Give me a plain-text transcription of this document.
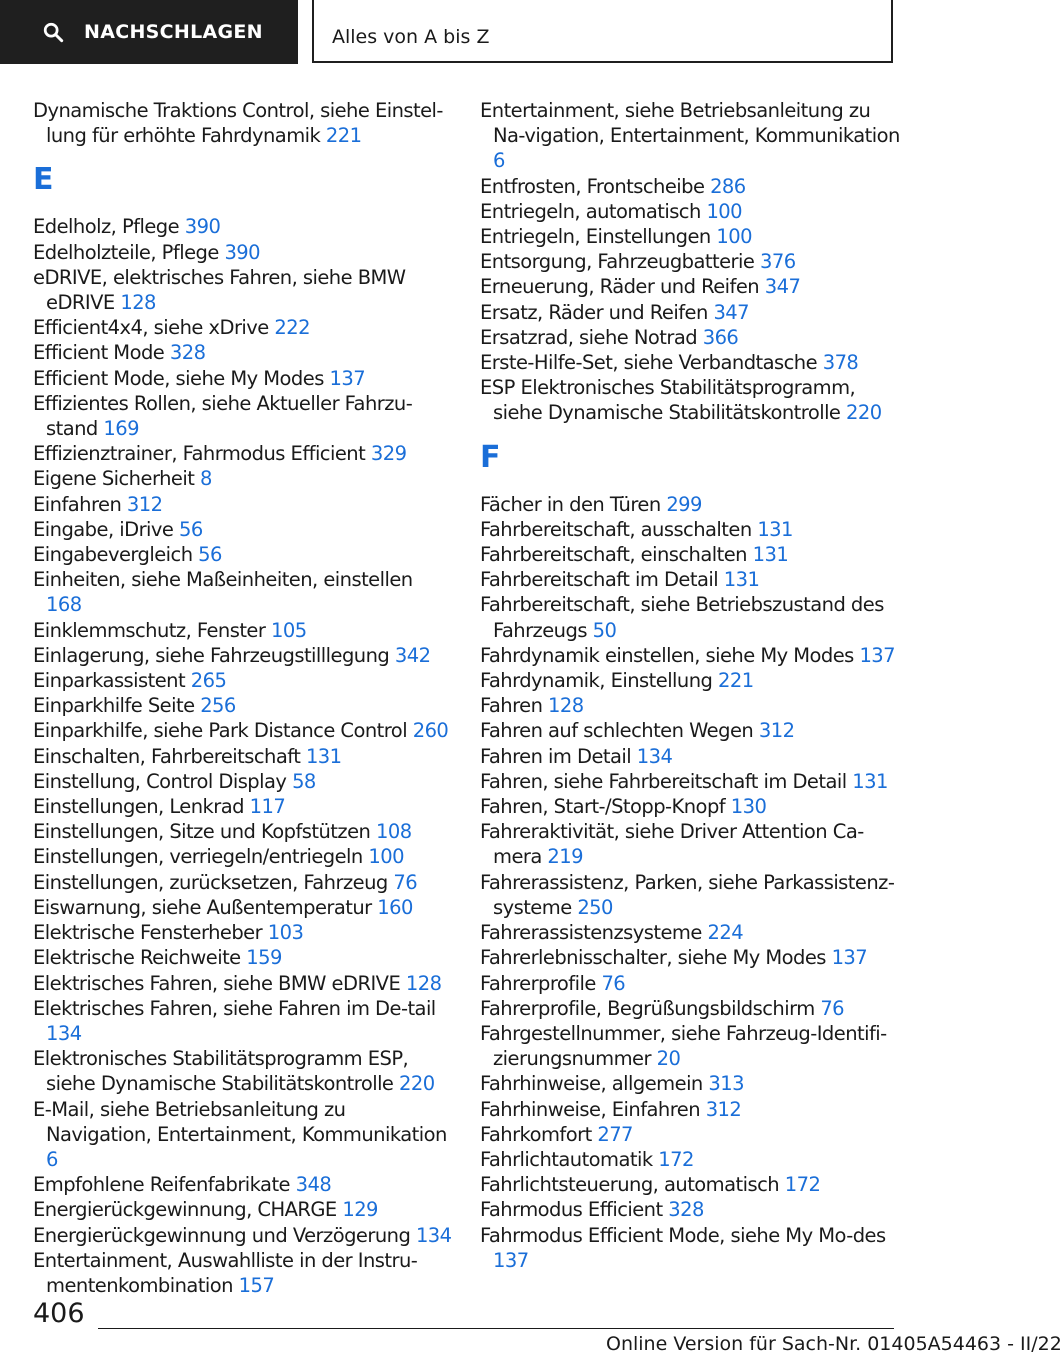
NACHSCHLAGEN	Alles von A bis Z
Dynamische Traktions Control, siehe Einstel-lung für erhöhte Fahrdynamik 221
E
Edelholz, Pflege 390
Edelholzteile, Pflege 390
eDRIVE, elektrisches Fahren, siehe BMW eDRIVE 128
Efficient4x4, siehe xDrive 222
Efficient Mode 328
Efficient Mode, siehe My Modes 137
Effizientes Rollen, siehe Aktueller Fahrzu-stand 169
Effizienztrainer, Fahrmodus Efficient 329
Eigene Sicherheit 8
Einfahren 312
Eingabe, iDrive 56
Eingabevergleich 56
Einheiten, siehe Maßeinheiten, einstellen 168
Einklemmschutz, Fenster 105
Einlagerung, siehe Fahrzeugstilllegung 342
Einparkassistent 265
Einparkhilfe Seite 256
Einparkhilfe, siehe Park Distance Control 260
Einschalten, Fahrbereitschaft 131
Einstellung, Control Display 58
Einstellungen, Lenkrad 117
Einstellungen, Sitze und Kopfstützen 108
Einstellungen, verriegeln/entriegeln 100
Einstellungen, zurücksetzen, Fahrzeug 76
Eiswarnung, siehe Außentemperatur 160
Elektrische Fensterheber 103
Elektrische Reichweite 159
Elektrisches Fahren, siehe BMW eDRIVE 128
Elektrisches Fahren, siehe Fahren im De-tail 134
Elektronisches Stabilitätsprogramm ESP, siehe Dynamische Stabilitätskontrolle 220
E-Mail, siehe Betriebsanleitung zu Navigation, Entertainment, Kommunikation 6
Empfohlene Reifenfabrikate 348
Energierückgewinnung, CHARGE 129
Energierückgewinnung und Verzögerung 134
Entertainment, Auswahlliste in der Instru-mentenkombination 157
Entertainment, siehe Betriebsanleitung zu Na-vigation, Entertainment, Kommunikation 6
Entfrosten, Frontscheibe 286
Entriegeln, automatisch 100
Entriegeln, Einstellungen 100
Entsorgung, Fahrzeugbatterie 376
Erneuerung, Räder und Reifen 347
Ersatz, Räder und Reifen 347
Ersatzrad, siehe Notrad 366
Erste-Hilfe-Set, siehe Verbandtasche 378
ESP Elektronisches Stabilitätsprogramm, siehe Dynamische Stabilitätskontrolle 220
F
Fächer in den Türen 299
Fahrbereitschaft, ausschalten 131
Fahrbereitschaft, einschalten 131
Fahrbereitschaft im Detail 131
Fahrbereitschaft, siehe Betriebszustand des Fahrzeugs 50
Fahrdynamik einstellen, siehe My Modes 137
Fahrdynamik, Einstellung 221
Fahren 128
Fahren auf schlechten Wegen 312
Fahren im Detail 134
Fahren, siehe Fahrbereitschaft im Detail 131
Fahren, Start-/Stopp-Knopf 130
Fahreraktivität, siehe Driver Attention Ca-mera 219
Fahrerassistenz, Parken, siehe Parkassistenz-systeme 250
Fahrerassistenzsysteme 224
Fahrerlebnisschalter, siehe My Modes 137
Fahrerprofile 76
Fahrerprofile, Begrüßungsbildschirm 76
Fahrgestellnummer, siehe Fahrzeug-Identifi-zierungsnummer 20
Fahrhinweise, allgemein 313
Fahrhinweise, Einfahren 312
Fahrkomfort 277
Fahrlichtautomatik 172
Fahrlichtsteuerung, automatisch 172
Fahrmodus Efficient 328
Fahrmodus Efficient Mode, siehe My Mo-des 137
406
Online Version für Sach-Nr. 01405A54463 - II/22
